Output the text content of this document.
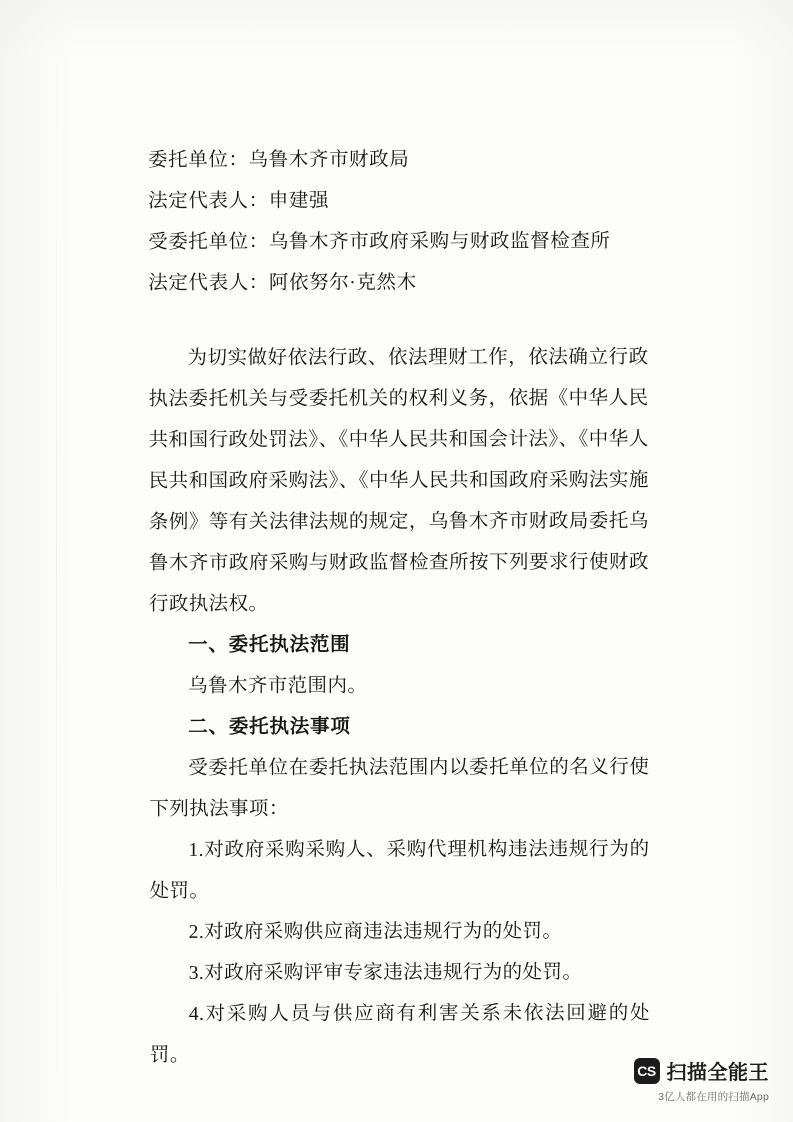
委托单位：乌鲁木齐市财政局
法定代表人：申建强
受委托单位：乌鲁木齐市政府采购与财政监督检查所
法定代表人：阿依努尔·克然木

为切实做好依法行政、依法理财工作，依法确立行政执法委托机关与受委托机关的权利义务，依据《中华人民共和国行政处罚法》、《中华人民共和国会计法》、《中华人民共和国政府采购法》、《中华人民共和国政府采购法实施条例》等有关法律法规的规定，乌鲁木齐市财政局委托乌鲁木齐市政府采购与财政监督检查所按下列要求行使财政行政执法权。

一、委托执法范围

乌鲁木齐市范围内。

二、委托执法事项

受委托单位在委托执法范围内以委托单位的名义行使下列执法事项：

1.对政府采购采购人、采购代理机构违法违规行为的处罚。

2.对政府采购供应商违法违规行为的处罚。

3.对政府采购评审专家违法违规行为的处罚。

4.对采购人员与供应商有利害关系未依法回避的处罚。

CS 扫描全能王
3亿人都在用的扫描App
